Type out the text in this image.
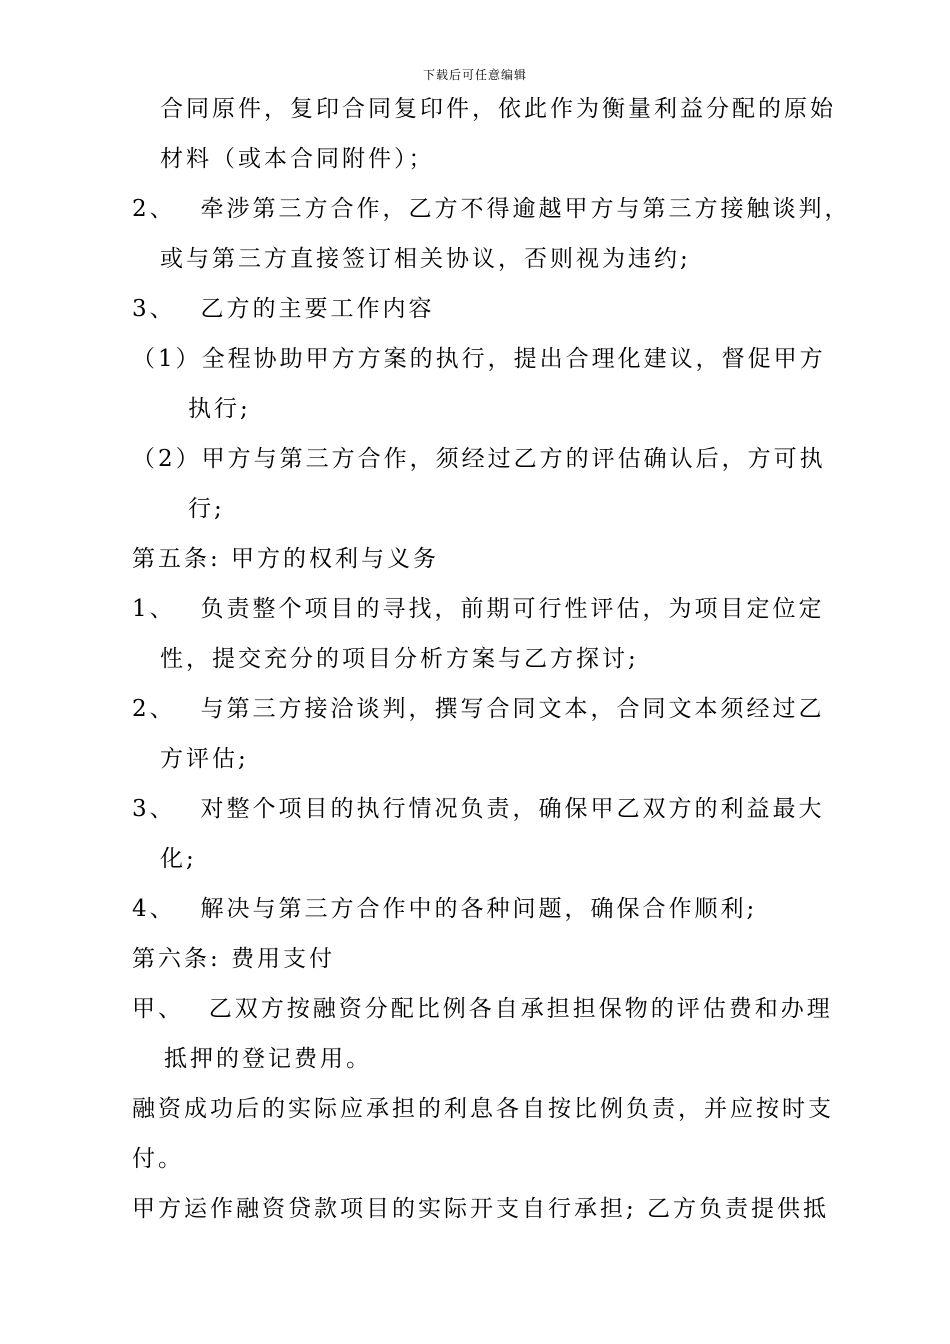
下载后可任意编辑
合同原件，复印合同复印件，依此作为衡量利益分配的原始
材料（或本合同附件）；
2、　 牵涉第三方合作，乙方不得逾越甲方与第三方接触谈判，
或与第三方直接签订相关协议，否则视为违约;
3、　 乙方的主要工作内容
（1）全程协助甲方方案的执行，提出合理化建议，督促甲方
执行;
（2）甲方与第三方合作，须经过乙方的评估确认后，方可执
行;
第五条: 甲方的权利与义务
1、　 负责整个项目的寻找，前期可行性评估，为项目定位定
性，提交充分的项目分析方案与乙方探讨;
2、　 与第三方接洽谈判，撰写合同文本，合同文本须经过乙
方评估;
3、　 对整个项目的执行情况负责，确保甲乙双方的利益最大
化;
4、　 解决与第三方合作中的各种问题，确保合作顺利;
第六条: 费用支付
甲、　 乙双方按融资分配比例各自承担担保物的评估费和办理
抵押的登记费用。
融资成功后的实际应承担的利息各自按比例负责，并应按时支
付。
甲方运作融资贷款项目的实际开支自行承担; 乙方负责提供抵
